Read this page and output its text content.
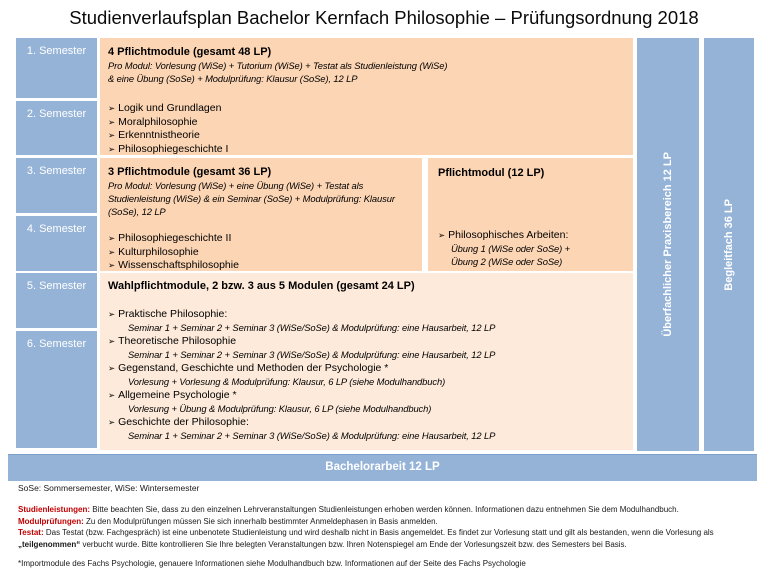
Studienverlaufsplan Bachelor Kernfach Philosophie – Prüfungsordnung 2018
1. Semester
2. Semester
3. Semester
4. Semester
5. Semester
6. Semester
4 Pflichtmodule (gesamt 48 LP)
Pro Modul: Vorlesung (WiSe) + Tutorium (WiSe) + Testat als Studienleistung (WiSe)
& eine Übung (SoSe) + Modulprüfung: Klausur (SoSe), 12 LP
➢ Logik und Grundlagen
➢ Moralphilosophie
➢ Erkenntnistheorie
➢ Philosophiegeschichte I
3 Pflichtmodule (gesamt 36 LP)
Pro Modul: Vorlesung (WiSe) + eine Übung (WiSe) + Testat als
Studienleistung (WiSe) & ein Seminar (SoSe) + Modulprüfung: Klausur
(SoSe), 12 LP
➢ Philosophiegeschichte II
➢ Kulturphilosophie
➢ Wissenschaftsphilosophie
Pflichtmodul (12 LP)
➢ Philosophisches Arbeiten:
Übung 1 (WiSe oder SoSe) +
Übung 2 (WiSe oder SoSe)
Wahlpflichtmodule, 2 bzw. 3 aus 5 Modulen (gesamt 24 LP)
➢ Praktische Philosophie:
Seminar 1 + Seminar 2 + Seminar 3 (WiSe/SoSe) & Modulprüfung: eine Hausarbeit, 12 LP
➢ Theoretische Philosophie
Seminar 1 + Seminar 2 + Seminar 3 (WiSe/SoSe) & Modulprüfung: eine Hausarbeit, 12 LP
➢ Gegenstand, Geschichte und Methoden der Psychologie *
Vorlesung + Vorlesung & Modulprüfung: Klausur, 6 LP (siehe Modulhandbuch)
➢ Allgemeine Psychologie *
Vorlesung + Übung & Modulprüfung: Klausur, 6 LP (siehe Modulhandbuch)
➢ Geschichte der Philosophie:
Seminar 1 + Seminar 2 + Seminar 3 (WiSe/SoSe) & Modulprüfung: eine Hausarbeit, 12 LP
Überfachlicher Praxisbereich 12 LP	Begleitfach 36 LP
Bachelorarbeit 12 LP
SoSe: Sommersemester, WiSe: Wintersemester

Studienleistungen: Bitte beachten Sie, dass zu den einzelnen Lehrveranstaltungen Studienleistungen erhoben werden können. Informationen dazu entnehmen Sie dem Modulhandbuch.

Modulprüfungen: Zu den Modulprüfungen müssen Sie sich innerhalb bestimmter Anmeldephasen in Basis anmelden.

Testat: Das Testat (bzw. Fachgespräch) ist eine unbenotete Studienleistung und wird deshalb nicht in Basis angemeldet. Es findet zur Vorlesung statt und gilt als bestanden, wenn die Vorlesung als „teilgenommen“ verbucht wurde. Bitte kontrollieren Sie Ihre belegten Veranstaltungen bzw. Ihren Notenspiegel am Ende der Vorlesungszeit bzw. des Semesters bei Basis.

*Importmodule des Fachs Psychologie, genauere Informationen siehe Modulhandbuch bzw. Informationen auf der Seite des Fachs Psychologie
